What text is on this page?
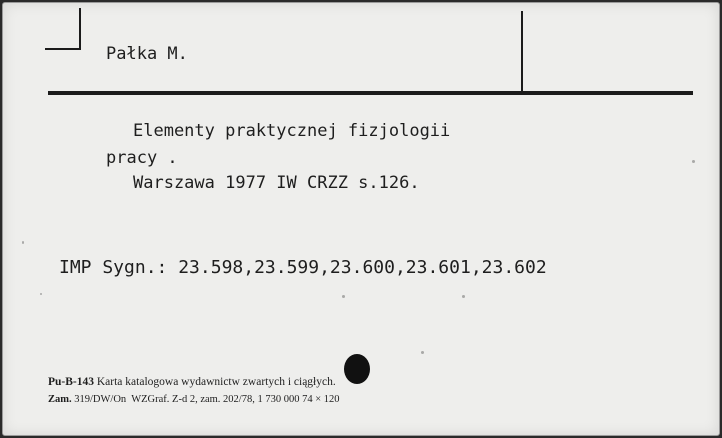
Pałka M.
Elementy praktycznej fizjologii
pracy .
Warszawa 1977 IW CRZZ s.126.
IMP Sygn.: 23.598,23.599,23.600,23.601,23.602
Pu-B-143 Karta katalogowa wydawnictw zwartych i ciągłych.
Zam. 319/DW/On  WZGraf. Z-d 2, zam. 202/78, 1 730 000 74 × 120
